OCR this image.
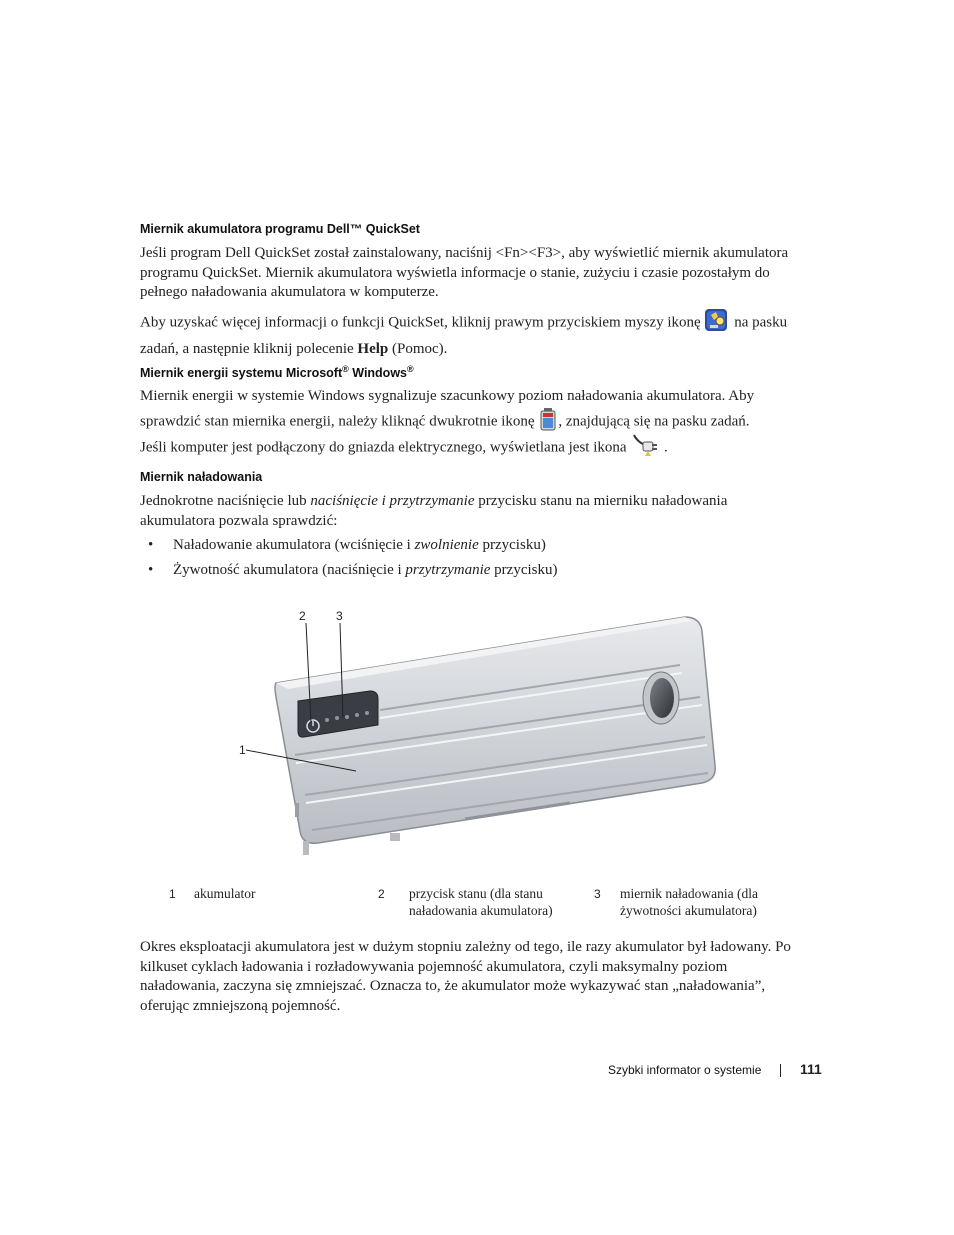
Miernik akumulatora programu Dell™ QuickSet

Jeśli program Dell QuickSet został zainstalowany, naciśnij <Fn><F3>, aby wyświetlić miernik akumulatora programu QuickSet. Miernik akumulatora wyświetla informacje o stanie, zużyciu i czasie pozostałym do pełnego naładowania akumulatora w komputerze.

Aby uzyskać więcej informacji o funkcji QuickSet, kliknij prawym przyciskiem myszy ikonę na pasku zadań, a następnie kliknij polecenie Help (Pomoc).

Miernik energii systemu Microsoft® Windows®

Miernik energii w systemie Windows sygnalizuje szacunkowy poziom naładowania akumulatora. Aby sprawdzić stan miernika energii, należy kliknąć dwukrotnie ikonę , znajdującą się na pasku zadań.

Jeśli komputer jest podłączony do gniazda elektrycznego, wyświetlana jest ikona	.

Miernik naładowania

Jednokrotne naciśnięcie lub naciśnięcie i przytrzymanie przycisku stanu na mierniku naładowania akumulatora pozwala sprawdzić:

• Naładowanie akumulatora (wciśnięcie i zwolnienie przycisku)
• Żywotność akumulatora (naciśnięcie i przytrzymanie przycisku)
2	3
1
1 akumulator	2 przycisk stanu (dla stanu naładowania akumulatora)
3 miernik naładowania (dla żywotności akumulatora)

Okres eksploatacji akumulatora jest w dużym stopniu zależny od tego, ile razy akumulator był ładowany. Po kilkuset cyklach ładowania i rozładowywania pojemność akumulatora, czyli maksymalny poziom naładowania, zaczyna się zmniejszać. Oznacza to, że akumulator może wykazywać stan „naładowania”, oferując zmniejszoną pojemność.

Szybki informator o systemie	111
